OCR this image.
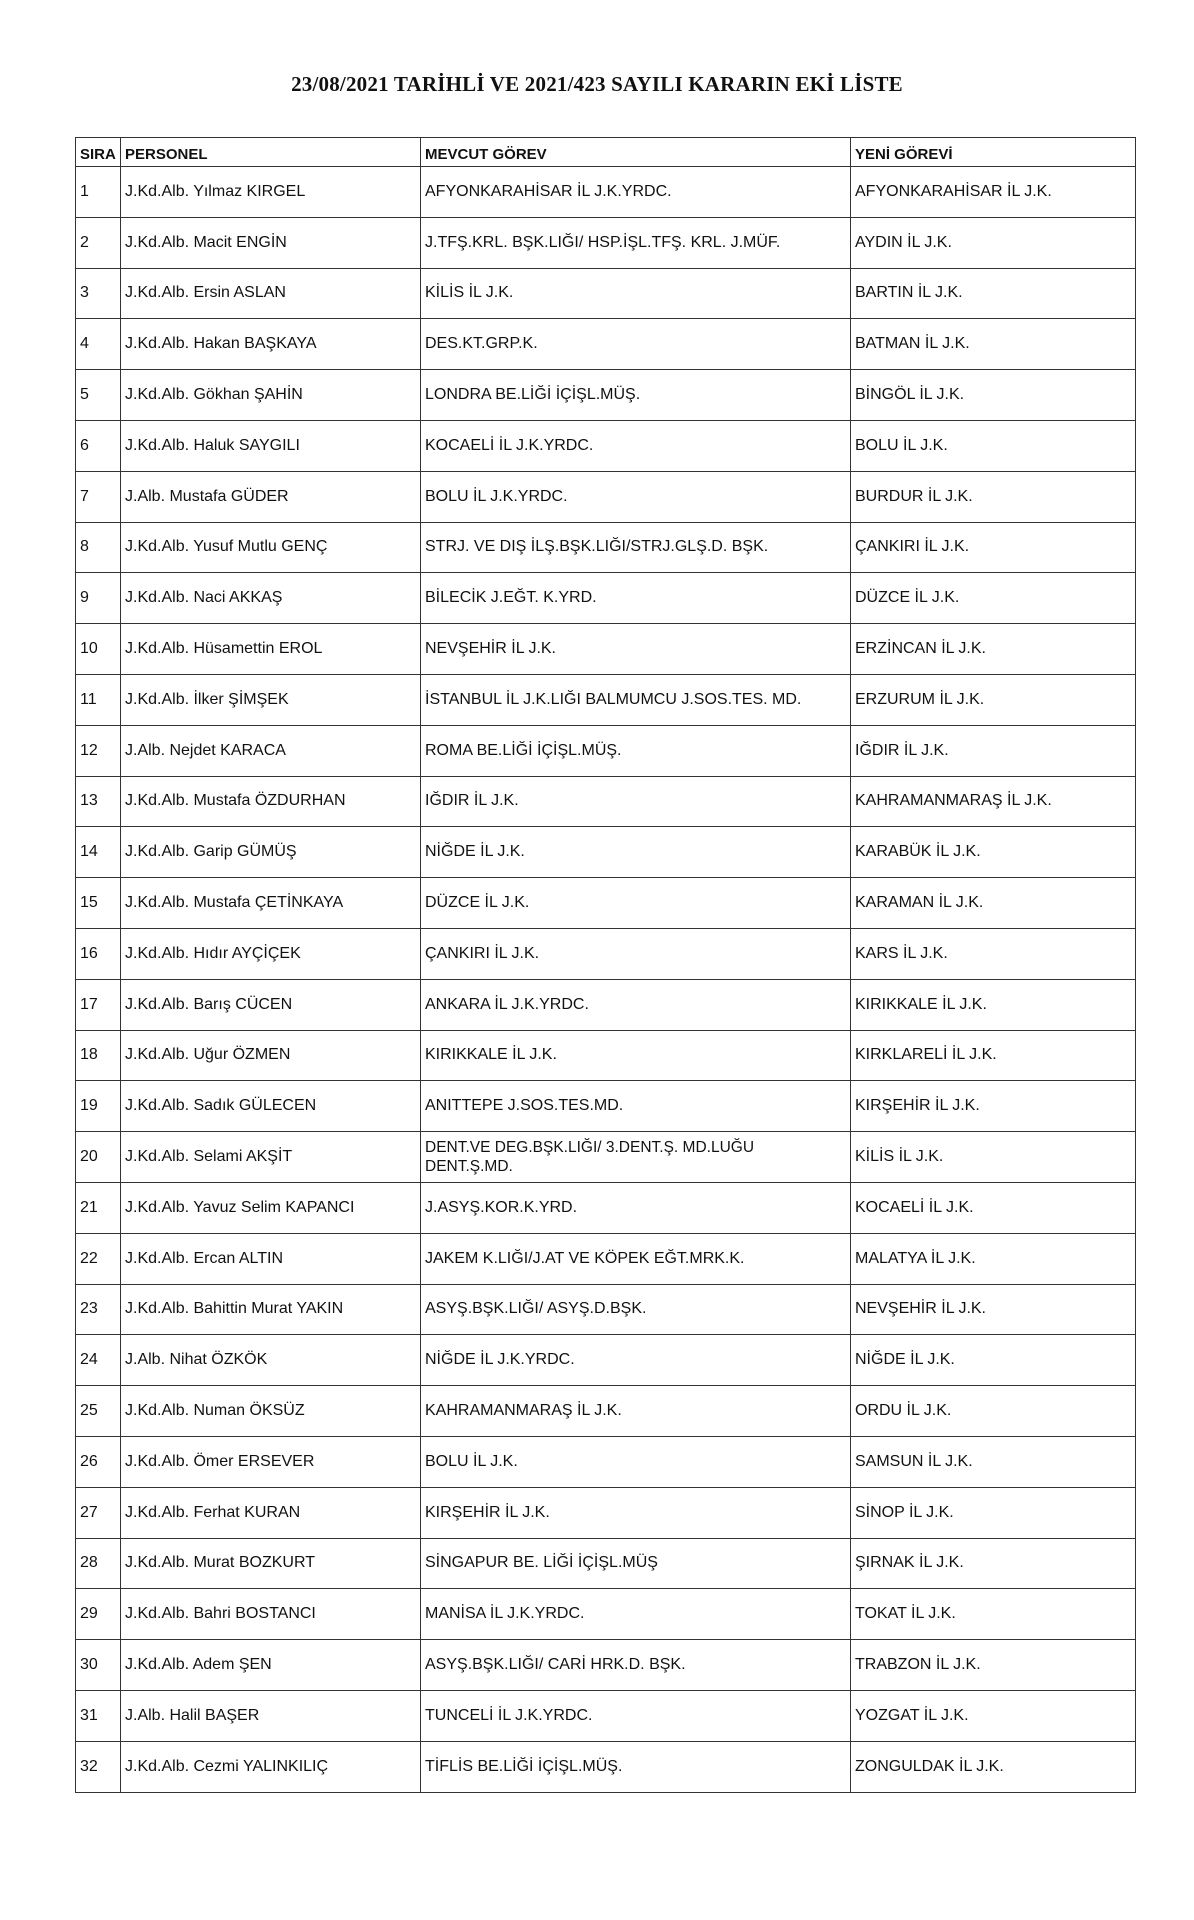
23/08/2021 TARİHLİ VE 2021/423 SAYILI KARARIN EKİ LİSTE
SIRA	PERSONEL	MEVCUT GÖREV	YENİ GÖREVİ
1	J.Kd.Alb. Yılmaz KIRGEL	AFYONKARAHİSAR İL J.K.YRDC.	AFYONKARAHİSAR İL J.K.
2	J.Kd.Alb. Macit ENGİN	J.TFŞ.KRL. BŞK.LIĞI/ HSP.İŞL.TFŞ. KRL. J.MÜF.	AYDIN İL J.K.
3	J.Kd.Alb. Ersin ASLAN	KİLİS İL J.K.	BARTIN İL J.K.
4	J.Kd.Alb. Hakan BAŞKAYA	DES.KT.GRP.K.	BATMAN İL J.K.
5	J.Kd.Alb. Gökhan ŞAHİN	LONDRA BE.LİĞİ İÇİŞL.MÜŞ.	BİNGÖL İL J.K.
6	J.Kd.Alb. Haluk SAYGILI	KOCAELİ İL J.K.YRDC.	BOLU İL J.K.
7	J.Alb. Mustafa GÜDER	BOLU İL J.K.YRDC.	BURDUR İL J.K.
8	J.Kd.Alb. Yusuf Mutlu GENÇ	STRJ. VE DIŞ İLŞ.BŞK.LIĞI/STRJ.GLŞ.D. BŞK.	ÇANKIRI İL J.K.
9	J.Kd.Alb. Naci AKKAŞ	BİLECİK J.EĞT. K.YRD.	DÜZCE İL J.K.
10	J.Kd.Alb. Hüsamettin EROL	NEVŞEHİR İL J.K.	ERZİNCAN İL J.K.
11	J.Kd.Alb. İlker ŞİMŞEK	İSTANBUL İL J.K.LIĞI BALMUMCU J.SOS.TES. MD.	ERZURUM İL J.K.
12	J.Alb. Nejdet KARACA	ROMA BE.LİĞİ İÇİŞL.MÜŞ.	IĞDIR İL J.K.
13	J.Kd.Alb. Mustafa ÖZDURHAN	IĞDIR İL J.K.	KAHRAMANMARAŞ İL J.K.
14	J.Kd.Alb. Garip GÜMÜŞ	NİĞDE İL J.K.	KARABÜK İL J.K.
15	J.Kd.Alb. Mustafa ÇETİNKAYA	DÜZCE İL J.K.	KARAMAN İL J.K.
16	J.Kd.Alb. Hıdır AYÇİÇEK	ÇANKIRI İL J.K.	KARS İL J.K.
17	J.Kd.Alb. Barış CÜCEN	ANKARA İL J.K.YRDC.	KIRIKKALE İL J.K.
18	J.Kd.Alb. Uğur ÖZMEN	KIRIKKALE İL J.K.	KIRKLARELİ İL J.K.
19	J.Kd.Alb. Sadık GÜLECEN	ANITTEPE J.SOS.TES.MD.	KIRŞEHİR İL J.K.
20	J.Kd.Alb. Selami AKŞİT	DENT.VE DEG.BŞK.LIĞI/ 3.DENT.Ş. MD.LUĞU DENT.Ş.MD.	KİLİS İL J.K.
21	J.Kd.Alb. Yavuz Selim KAPANCI	J.ASYŞ.KOR.K.YRD.	KOCAELİ İL J.K.
22	J.Kd.Alb. Ercan ALTIN	JAKEM K.LIĞI/J.AT VE KÖPEK EĞT.MRK.K.	MALATYA İL J.K.
23	J.Kd.Alb. Bahittin Murat YAKIN	ASYŞ.BŞK.LIĞI/ ASYŞ.D.BŞK.	NEVŞEHİR İL J.K.
24	J.Alb. Nihat ÖZKÖK	NİĞDE İL J.K.YRDC.	NİĞDE İL J.K.
25	J.Kd.Alb. Numan ÖKSÜZ	KAHRAMANMARAŞ İL J.K.	ORDU İL J.K.
26	J.Kd.Alb. Ömer ERSEVER	BOLU İL J.K.	SAMSUN İL J.K.
27	J.Kd.Alb. Ferhat KURAN	KIRŞEHİR İL J.K.	SİNOP İL J.K.
28	J.Kd.Alb. Murat BOZKURT	SİNGAPUR BE. LİĞİ İÇİŞL.MÜŞ	ŞIRNAK İL J.K.
29	J.Kd.Alb. Bahri BOSTANCI	MANİSA İL J.K.YRDC.	TOKAT İL J.K.
30	J.Kd.Alb. Adem ŞEN	ASYŞ.BŞK.LIĞI/ CARİ HRK.D. BŞK.	TRABZON İL J.K.
31	J.Alb. Halil BAŞER	TUNCELİ İL J.K.YRDC.	YOZGAT İL J.K.
32	J.Kd.Alb. Cezmi YALINKILIÇ	TİFLİS BE.LİĞİ İÇİŞL.MÜŞ.	ZONGULDAK İL J.K.
